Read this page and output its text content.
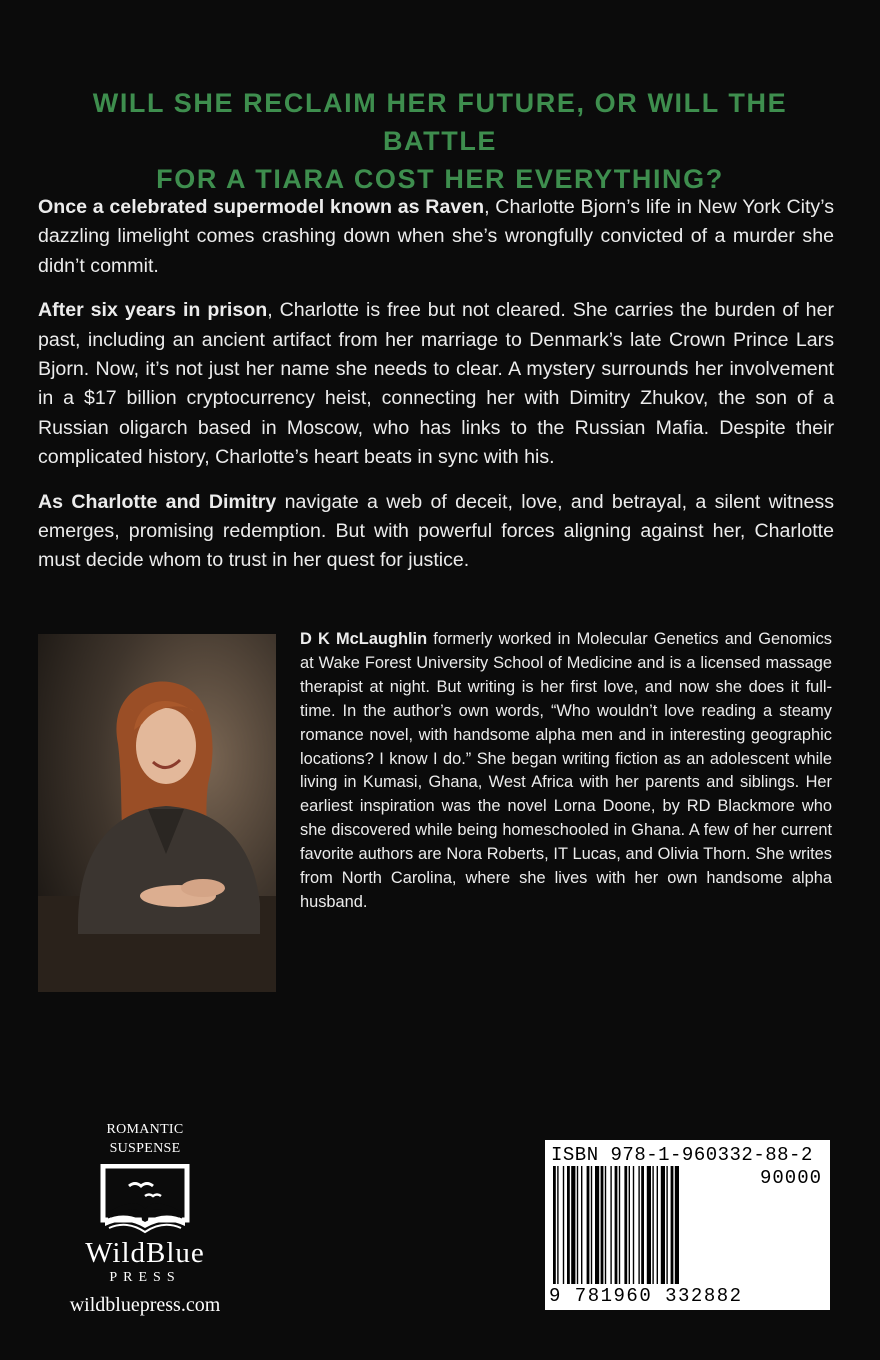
WILL SHE RECLAIM HER FUTURE, OR WILL THE BATTLE
FOR A TIARA COST HER EVERYTHING?

Once a celebrated supermodel known as Raven, Charlotte Bjorn’s life in New York City’s dazzling limelight comes crashing down when she’s wrongfully convicted of a murder she didn’t commit.

After six years in prison, Charlotte is free but not cleared. She carries the burden of her past, including an ancient artifact from her marriage to Denmark’s late Crown Prince Lars Bjorn. Now, it’s not just her name she needs to clear. A mystery surrounds her involvement in a $17 billion cryptocurrency heist, connecting her with Dimitry Zhukov, the son of a Russian oligarch based in Moscow, who has links to the Russian Mafia. Despite their complicated history, Charlotte’s heart beats in sync with his.

As Charlotte and Dimitry navigate a web of deceit, love, and betrayal, a silent witness emerges, promising redemption. But with powerful forces aligning against her, Charlotte must decide whom to trust in her quest for justice.

D K McLaughlin formerly worked in Molecular Genetics and Genomics at Wake Forest University School of Medicine and is a licensed massage therapist at night. But writing is her first love, and now she does it full-time. In the author’s own words, “Who wouldn’t love reading a steamy romance novel, with handsome alpha men and in interesting geographic locations? I know I do.” She began writing fiction as an adolescent while living in Kumasi, Ghana, West Africa with her parents and siblings. Her earliest inspiration was the novel Lorna Doone, by RD Blackmore who she discovered while being homeschooled in Ghana. A few of her current favorite authors are Nora Roberts, IT Lucas, and Olivia Thorn. She writes from North Carolina, where she lives with her own handsome alpha husband.
ROMANTIC
SUSPENSE
WildBlue
PRESS
wildbluepress.com
ISBN 978-1-960332-88-2
90000
9 781960 332882
